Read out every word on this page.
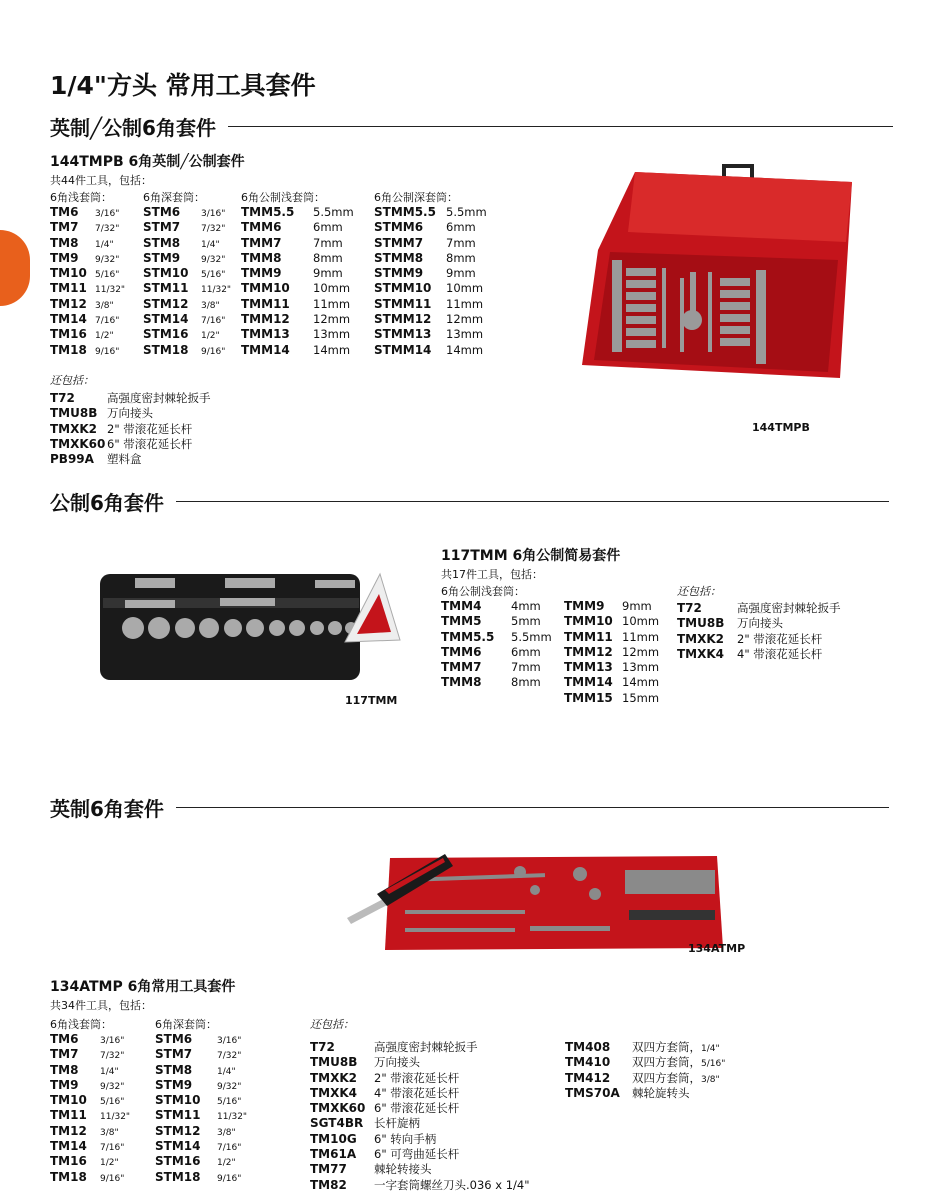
1/4"方头 常用工具套件
英制╱公制6角套件
144TMPB 6角英制╱公制套件
共44件工具，包括：
6角浅套筒：
TM6	3/16"
TM7	7/32"
TM8	1/4"
TM9	9/32"
TM10 5/16"
TM11 11/32"
TM12 3/8"
TM14 7/16"
TM16 1/2"
TM18 9/16"
6角深套筒：
STM6	3/16"
STM7	7/32"
STM8	1/4"
STM9	9/32"
STM10	5/16"
STM11	11/32"
STM12	3/8"
STM14	7/16"
STM16	1/2"
STM18	9/16"
6角公制浅套筒：
TMM5.5	5.5mm
TMM6	6mm
TMM7	7mm
TMM8	8mm
TMM9	9mm
TMM10	10mm
TMM11	11mm
TMM12	12mm
TMM13	13mm
TMM14	14mm
6角公制深套筒：
STMM5.5 5.5mm
STMM6	6mm
STMM7	7mm
STMM8	8mm
STMM9	9mm
STMM10	10mm
STMM11	11mm
STMM12	12mm
STMM13	13mm
STMM14	14mm
还包括：
T72	高强度密封棘轮扳手
TMU8B 万向接头
TMXK2 2" 带滚花延长杆
TMXK60 6" 带滚花延长杆
PB99A	塑料盒
144TMPB
公制6角套件
117TMM
117TMM 6角公制简易套件
共17件工具，包括：
6角公制浅套筒：
TMM4	4mm
TMM5	5mm
TMM5.5	5.5mm
TMM6	6mm
TMM7	7mm
TMM8	8mm
TMM9	9mm
TMM10 10mm
TMM11 11mm
TMM12 12mm
TMM13 13mm
TMM14 14mm
TMM15 15mm
还包括：
T72	高强度密封棘轮扳手
TMU8B	万向接头
TMXK2	2" 带滚花延长杆
TMXK4	4" 带滚花延长杆
英制6角套件
134ATMP
134ATMP 6角常用工具套件
共34件工具，包括：
6角浅套筒：
TM6	3/16"
TM7	7/32"
TM8	1/4"
TM9	9/32"
TM10	5/16"
TM11	11/32"
TM12	3/8"
TM14	7/16"
TM16	1/2"
TM18	9/16"
6角深套筒：
STM6	3/16"
STM7	7/32"
STM8	1/4"
STM9	9/32"
STM10	5/16"
STM11	11/32"
STM12	3/8"
STM14	7/16"
STM16	1/2"
STM18	9/16"
还包括：
T72	高强度密封棘轮扳手
TMU8B	万向接头
TMXK2	2" 带滚花延长杆
TMXK4	4" 带滚花延长杆
TMXK60 6" 带滚花延长杆
SGT4BR 长杆旋柄
TM10G	6" 转向手柄
TM61A	6" 可弯曲延长杆
TM77	棘轮转接头
TM82	一字套筒螺丝刀头.036 x 1/4"
TM408	双四方套筒， 1/4"
TM410	双四方套筒， 5/16"
TM412	双四方套筒， 3/8"
TMS70A	棘轮旋转头
